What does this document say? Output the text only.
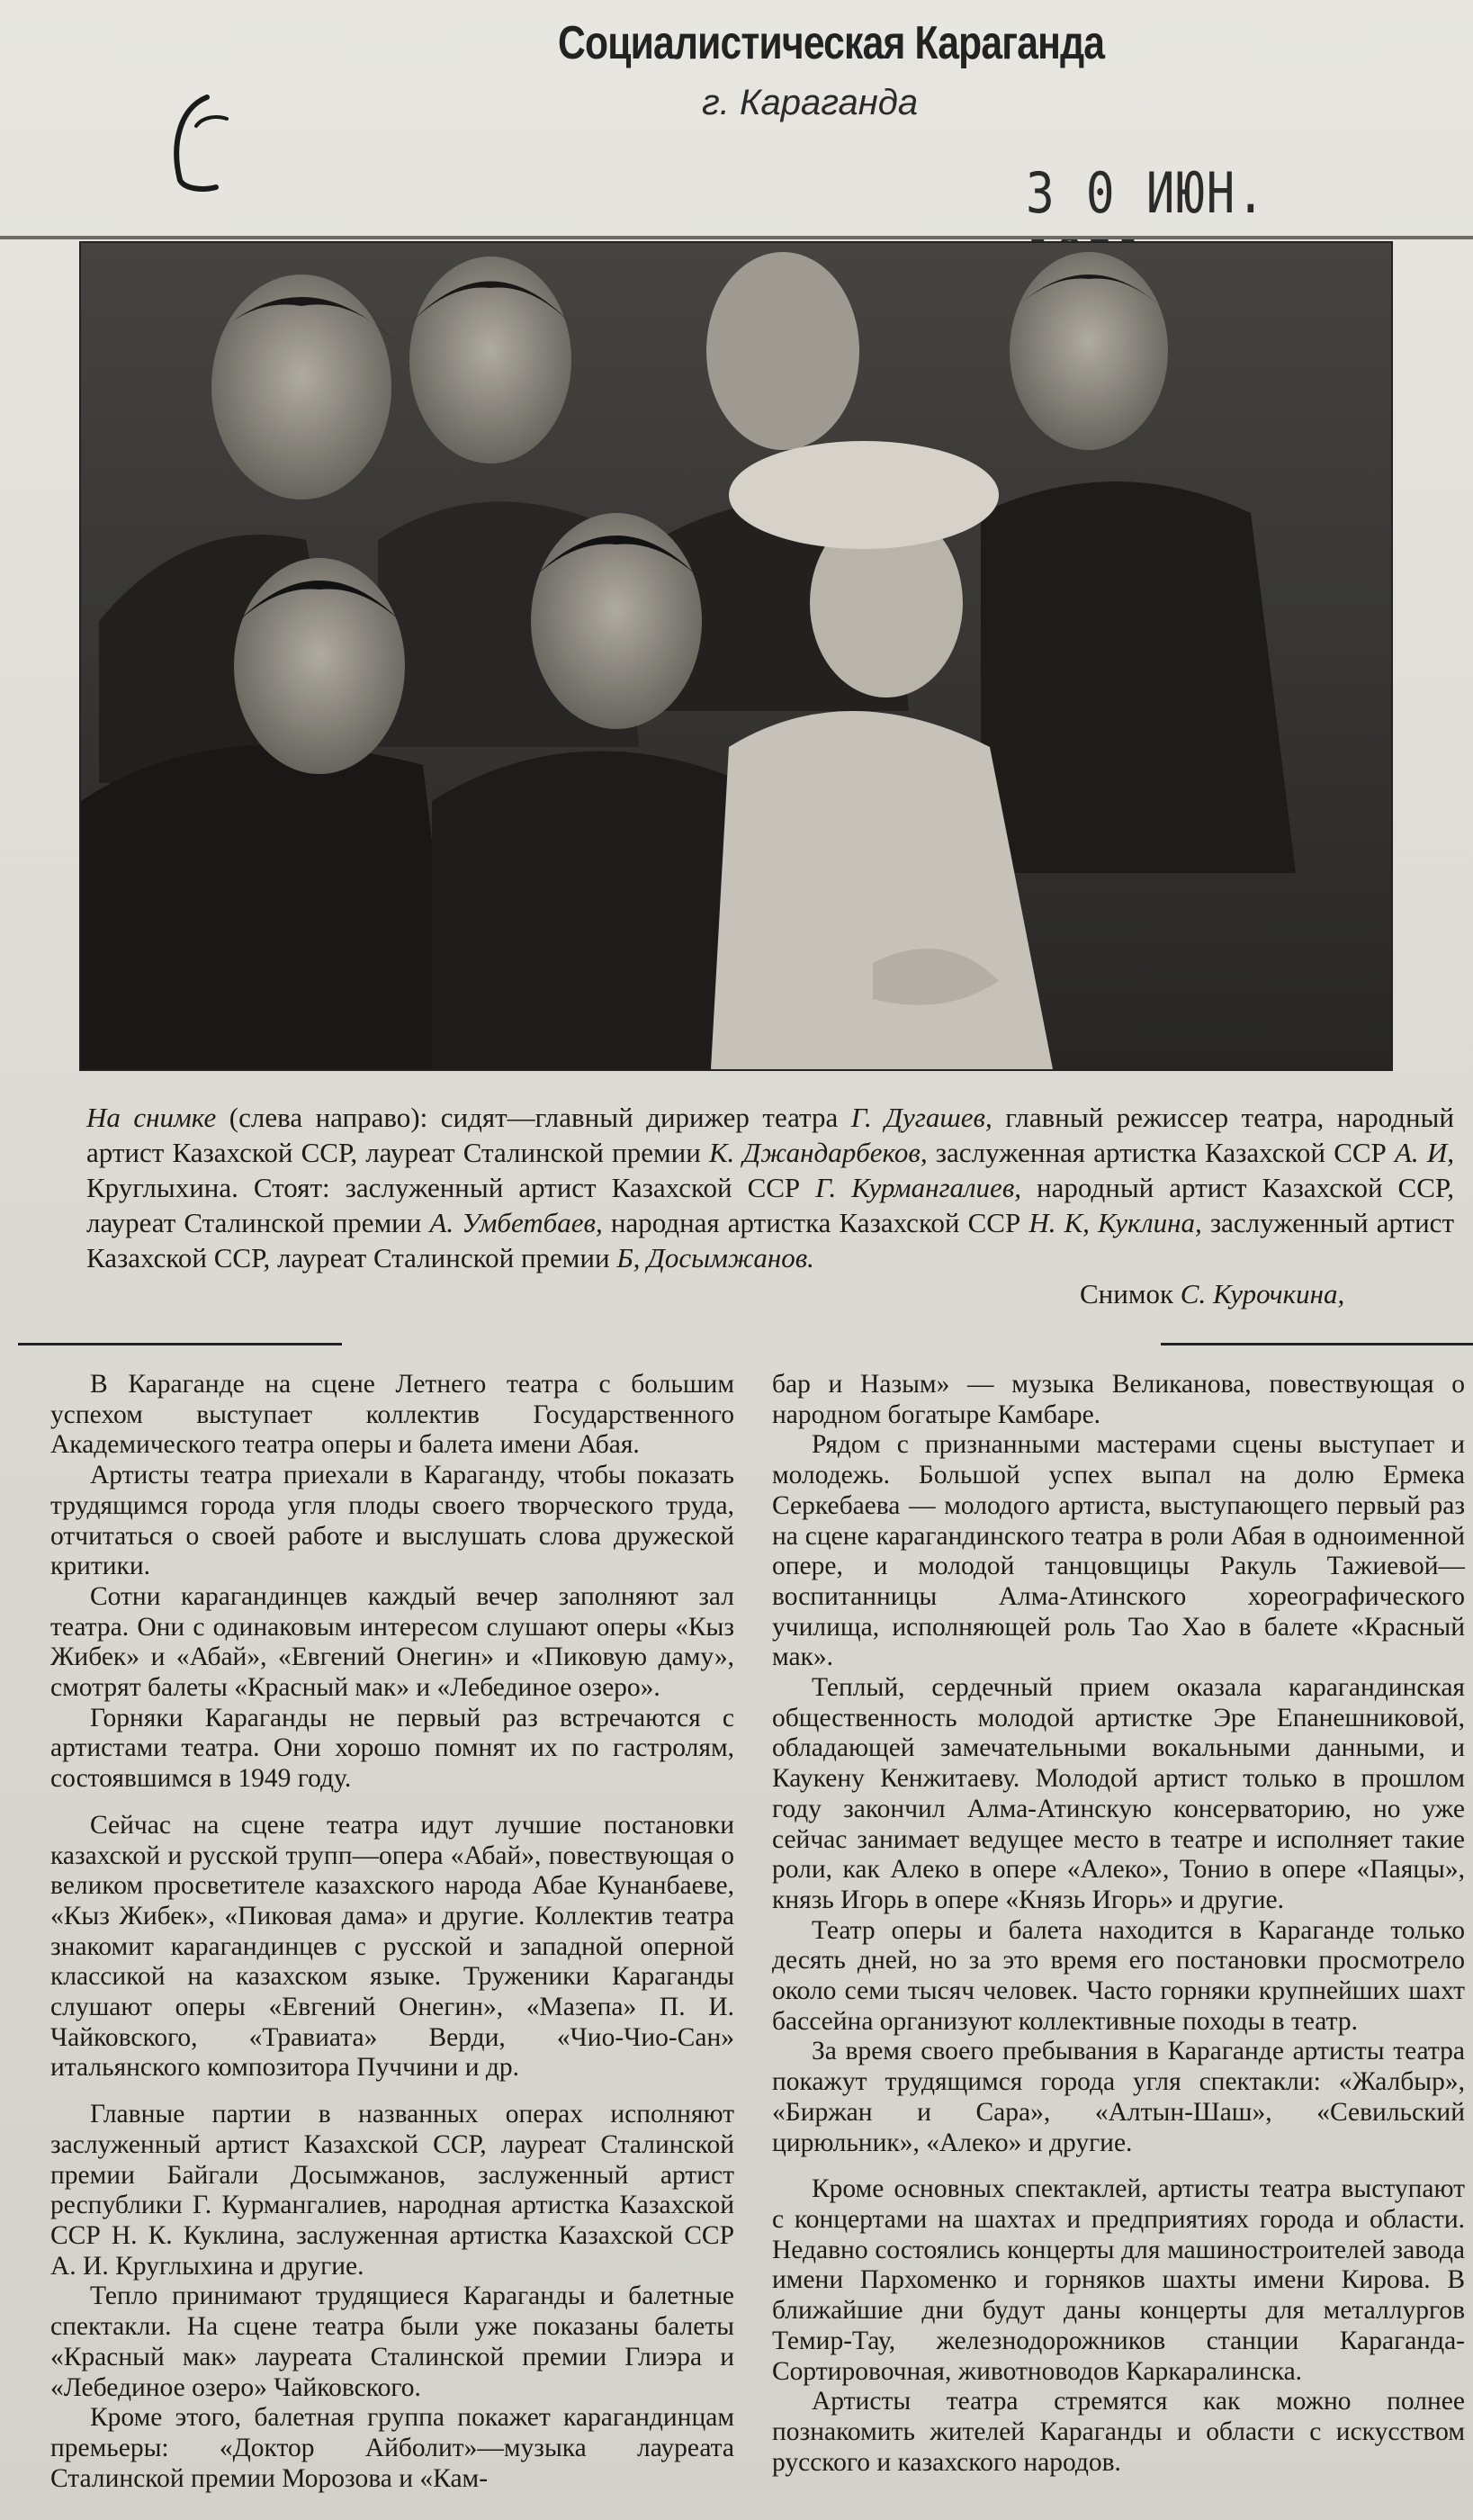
Социалистическая Караганда
г. Караганда
3 0 ИЮН.
На снимке (слева направо): сидят—главный дирижер театра Г. Дугашев, главный режиссер театра, народный артист Казахской ССР, лауреат Сталинской премии К. Джандарбеков, заслуженная артистка Казахской ССР А. И, Круглыхина. Стоят: заслуженный артист Казахской ССР Г. Курмангалиев, народный артист Казахской ССР, лауреат Сталинской премии А. Умбетбаев, народная артистка Казахской ССР Н. К, Куклина, заслуженный артист Казахской ССР, лауреат Сталинской премии Б, Досымжанов.
Снимок С. Курочкина,

В Караганде на сцене Летнего театра с большим успехом выступает коллектив Государственного Академического театра оперы и балета имени Абая.

Артисты театра приехали в Караганду, чтобы показать трудящимся города угля плоды своего творческого труда, отчитаться о своей работе и выслушать слова дружеской критики.

Сотни карагандинцев каждый вечер заполняют зал театра. Они с одинаковым интересом слушают оперы «Кыз Жибек» и «Абай», «Евгений Онегин» и «Пиковую даму», смотрят балеты «Красный мак» и «Лебединое озеро».

Горняки Караганды не первый раз встречаются с артистами театра. Они хорошо помнят их по гастролям, состоявшимся в 1949 году.

Сейчас на сцене театра идут лучшие постановки казахской и русской трупп—опера «Абай», повествующая о великом просветителе казахского народа Абае Кунанбаеве, «Кыз Жибек», «Пиковая дама» и другие. Коллектив театра знакомит карагандинцев с русской и западной оперной классикой на казахском языке. Труженики Караганды слушают оперы «Евгений Онегин», «Мазепа» П. И. Чайковского, «Травиата» Верди, «Чио-Чио-Сан» итальянского композитора Пуччини и др.

Главные партии в названных операх исполняют заслуженный артист Казахской ССР, лауреат Сталинской премии Байгали Досымжанов, заслуженный артист республики Г. Курмангалиев, народная артистка Казахской ССР Н. К. Куклина, заслуженная артистка Казахской ССР А. И. Круглыхина и другие.

Тепло принимают трудящиеся Караганды и балетные спектакли. На сцене театра были уже показаны балеты «Красный мак» лауреата Сталинской премии Глиэра и «Лебединое озеро» Чайковского.

Кроме этого, балетная группа покажет карагандинцам премьеры: «Доктор Айболит»—музыка лауреата Сталинской премии Морозова и «Кам-

бар и Назым» — музыка Великанова, повествующая о народном богатыре Камбаре.

Рядом с признанными мастерами сцены выступает и молодежь. Большой успех выпал на долю Ермека Серкебаева — молодого артиста, выступающего первый раз на сцене карагандинского театра в роли Абая в одноименной опере, и молодой танцовщицы Ракуль Тажиевой—воспитанницы Алма-Атинского хореографического училища, исполняющей роль Тао Хао в балете «Красный мак».

Теплый, сердечный прием оказала карагандинская общественность молодой артистке Эре Епанешниковой, обладающей замечательными вокальными данными, и Каукену Кенжитаеву. Молодой артист только в прошлом году закончил Алма-Атинскую консерваторию, но уже сейчас занимает ведущее место в театре и исполняет такие роли, как Алеко в опере «Алеко», Тонио в опере «Паяцы», князь Игорь в опере «Князь Игорь» и другие.

Театр оперы и балета находится в Караганде только десять дней, но за это время его постановки просмотрело около семи тысяч человек. Часто горняки крупнейших шахт бассейна организуют коллективные походы в театр.

За время своего пребывания в Караганде артисты театра покажут трудящимся города угля спектакли: «Жалбыр», «Биржан и Сара», «Алтын-Шаш», «Севильский цирюльник», «Алеко» и другие.

Кроме основных спектаклей, артисты театра выступают с концертами на шахтах и предприятиях города и области. Недавно состоялись концерты для машиностроителей завода имени Пархоменко и горняков шахты имени Кирова. В ближайшие дни будут даны концерты для металлургов Темир-Тау, железнодорожников станции Караганда-Сортировочная, животноводов Каркаралинска.

Артисты театра стремятся как можно полнее познакомить жителей Караганды и области с искусством русского и казахского народов.
